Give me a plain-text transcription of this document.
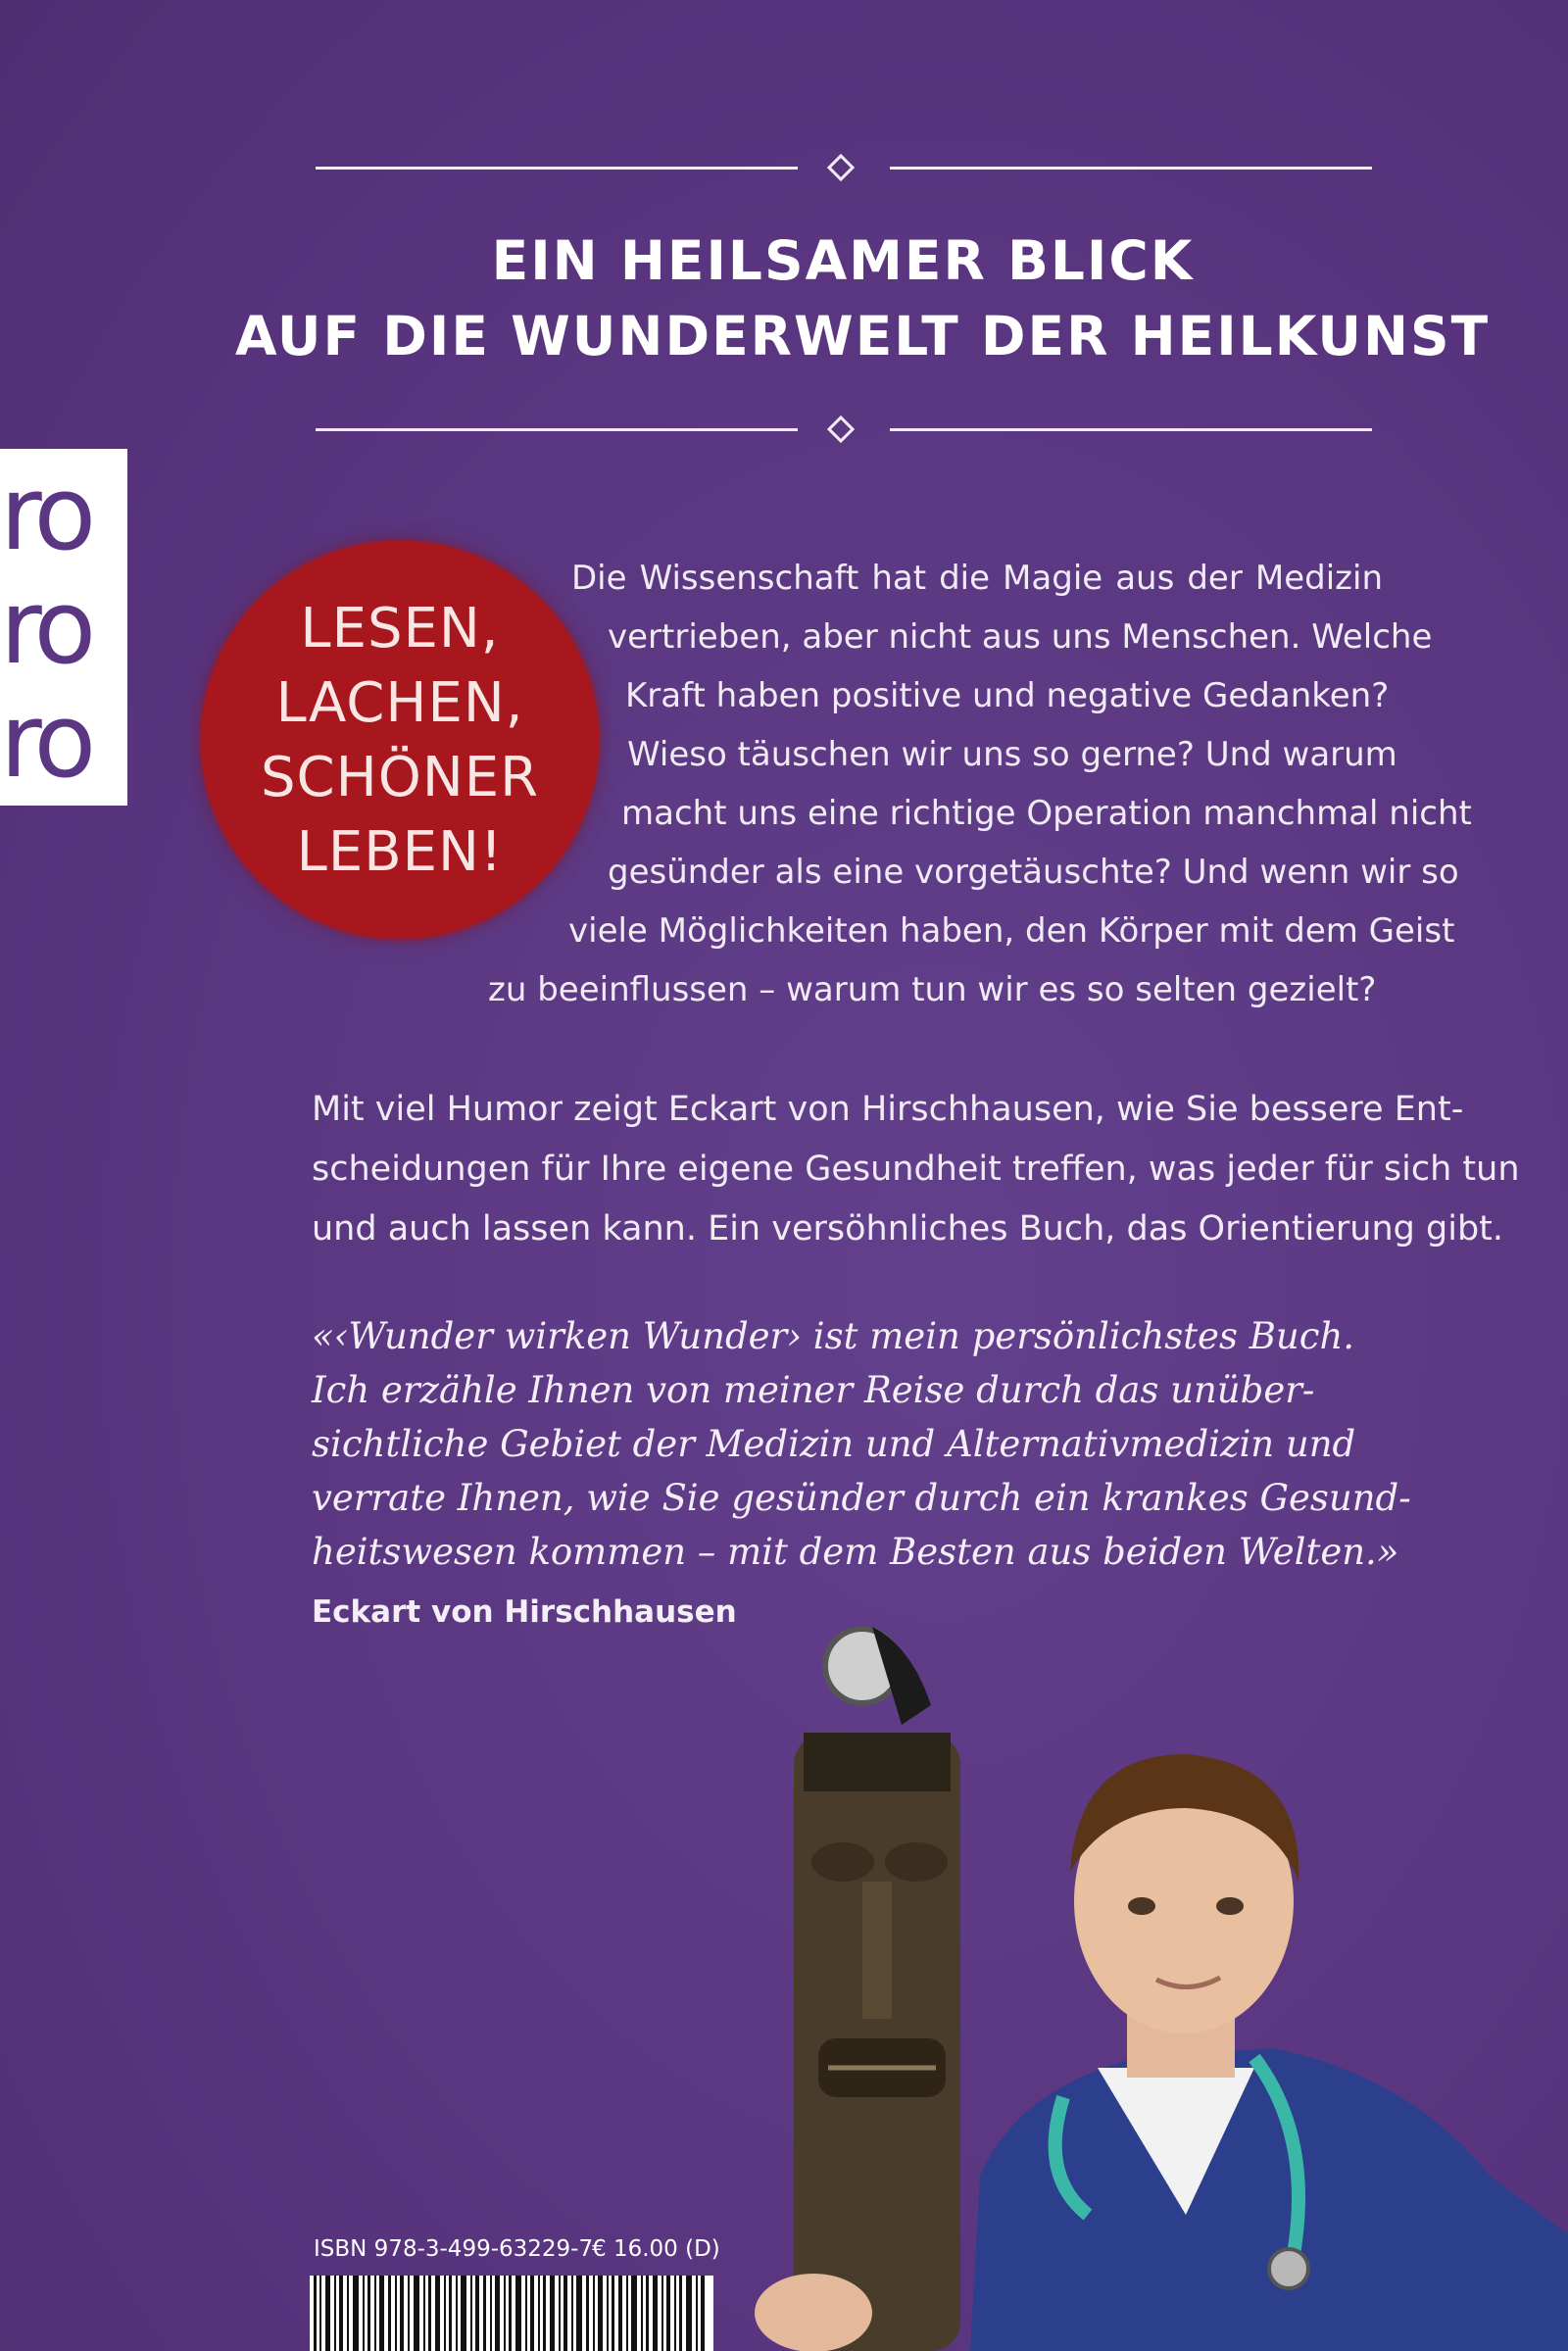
EIN HEILSAMER BLICK
AUF DIE WUNDERWELT DER HEILKUNST
ro
ro
ro
LESEN,
LACHEN,
SCHÖNER
LEBEN!
Die Wissenschaft hat die Magie aus der Medizin
vertrieben, aber nicht aus uns Menschen. Welche
Kraft haben positive und negative Gedanken?
Wieso täuschen wir uns so gerne? Und warum
macht uns eine richtige Operation manchmal nicht
gesünder als eine vorgetäuschte? Und wenn wir so
viele Möglichkeiten haben, den Körper mit dem Geist
zu beeinflussen – warum tun wir es so selten gezielt?
Mit viel Humor zeigt Eckart von Hirschhausen, wie Sie bessere Ent-
scheidungen für Ihre eigene Gesundheit treffen, was jeder für sich tun
und auch lassen kann. Ein versöhnliches Buch, das Orientierung gibt.
«‹Wunder wirken Wunder› ist mein persönlichstes Buch.
Ich erzähle Ihnen von meiner Reise durch das unüber-
sichtliche Gebiet der Medizin und Alternativmedizin und
verrate Ihnen, wie Sie gesünder durch ein krankes Gesund-
heitswesen kommen – mit dem Besten aus beiden Welten.»
Eckart von Hirschhausen
ISBN 978-3-499-63229-7
€ 16.00 (D)
